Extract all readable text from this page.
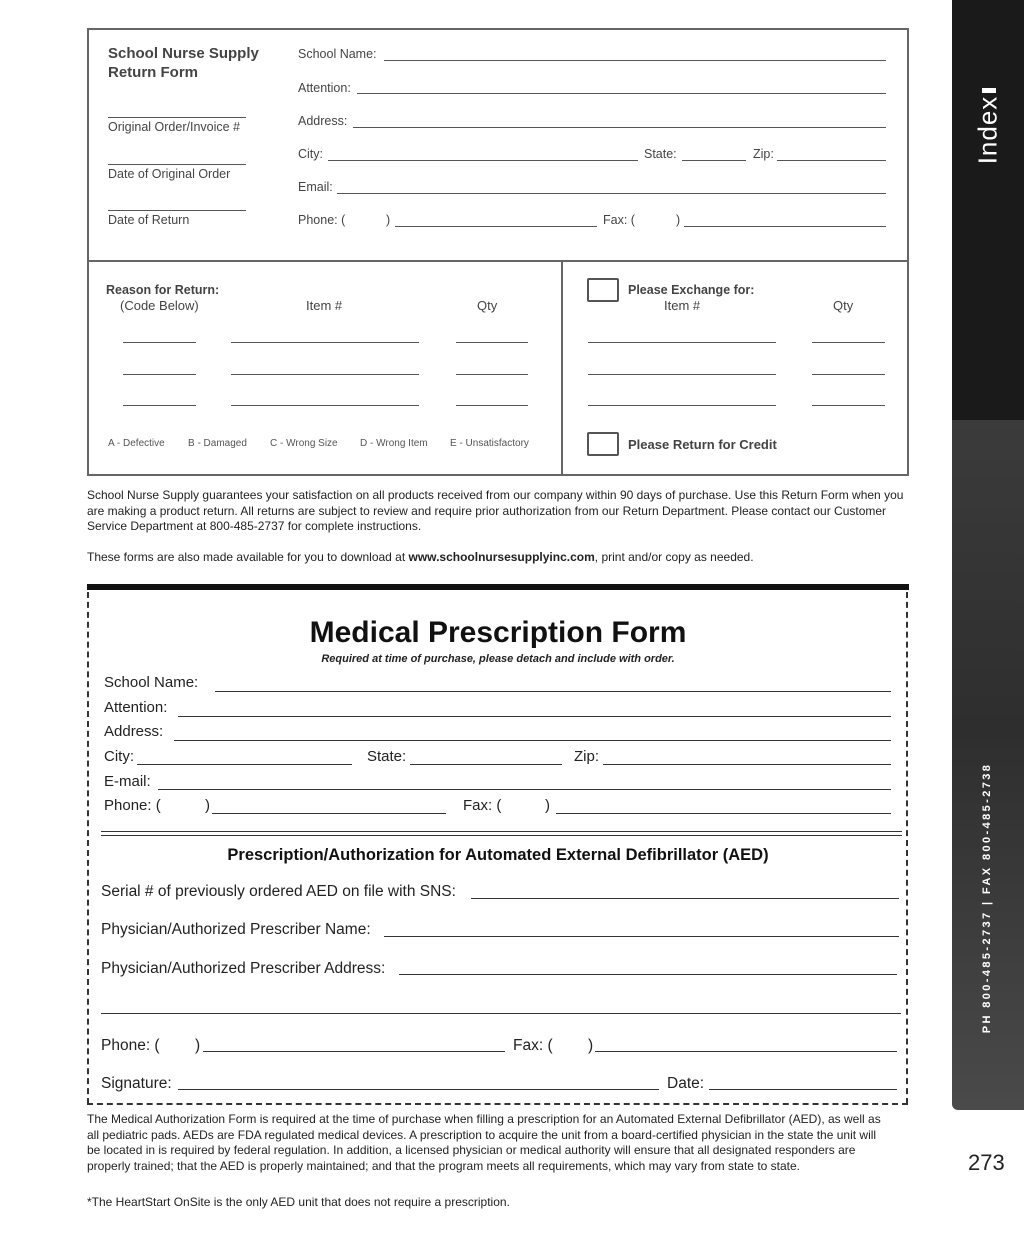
Index
PH 800-485-2737 | FAX 800-485-2738
273
School Nurse Supply
Return Form
Original Order/Invoice #
Date of Original Order
Date of Return
School Name:
Attention:
Address:
City:	State:	Zip:
Email:
Phone: (	)	Fax: (	)
Reason for Return:
(Code Below)	Item #	Qty
A - Defective B - Damaged C - Wrong Size D - Wrong Item E - Unsatisfactory
Please Exchange for:
Item #	Qty
Please Return for Credit
School Nurse Supply guarantees your satisfaction on all products received from our company within 90 days of purchase. Use this Return Form when you are making a product return. All returns are subject to review and require prior authorization from our Return Department. Please contact our Customer Service Department at 800-485-2737 for complete instructions.
These forms are also made available for you to download at www.schoolnursesupplyinc.com, print and/or copy as needed.
Medical Prescription Form
Required at time of purchase, please detach and include with order.
School Name:
Attention:
Address:
City:	State:	Zip:
E-mail:
Phone: (	)	Fax: (	)
Prescription/Authorization for Automated External Defibrillator (AED)
Serial # of previously ordered AED on file with SNS:
Physician/Authorized Prescriber Name:
Physician/Authorized Prescriber Address:
Phone: ( )	Fax: ( )
Signature:	Date:
The Medical Authorization Form is required at the time of purchase when filling a prescription for an Automated External Defibrillator (AED), as well as all pediatric pads. AEDs are FDA regulated medical devices. A prescription to acquire the unit from a board-certified physician in the state the unit will be located in is required by federal regulation. In addition, a licensed physician or medical authority will ensure that all designated responders are properly trained; that the AED is properly maintained; and that the program meets all requirements, which may vary from state to state.
*The HeartStart OnSite is the only AED unit that does not require a prescription.
